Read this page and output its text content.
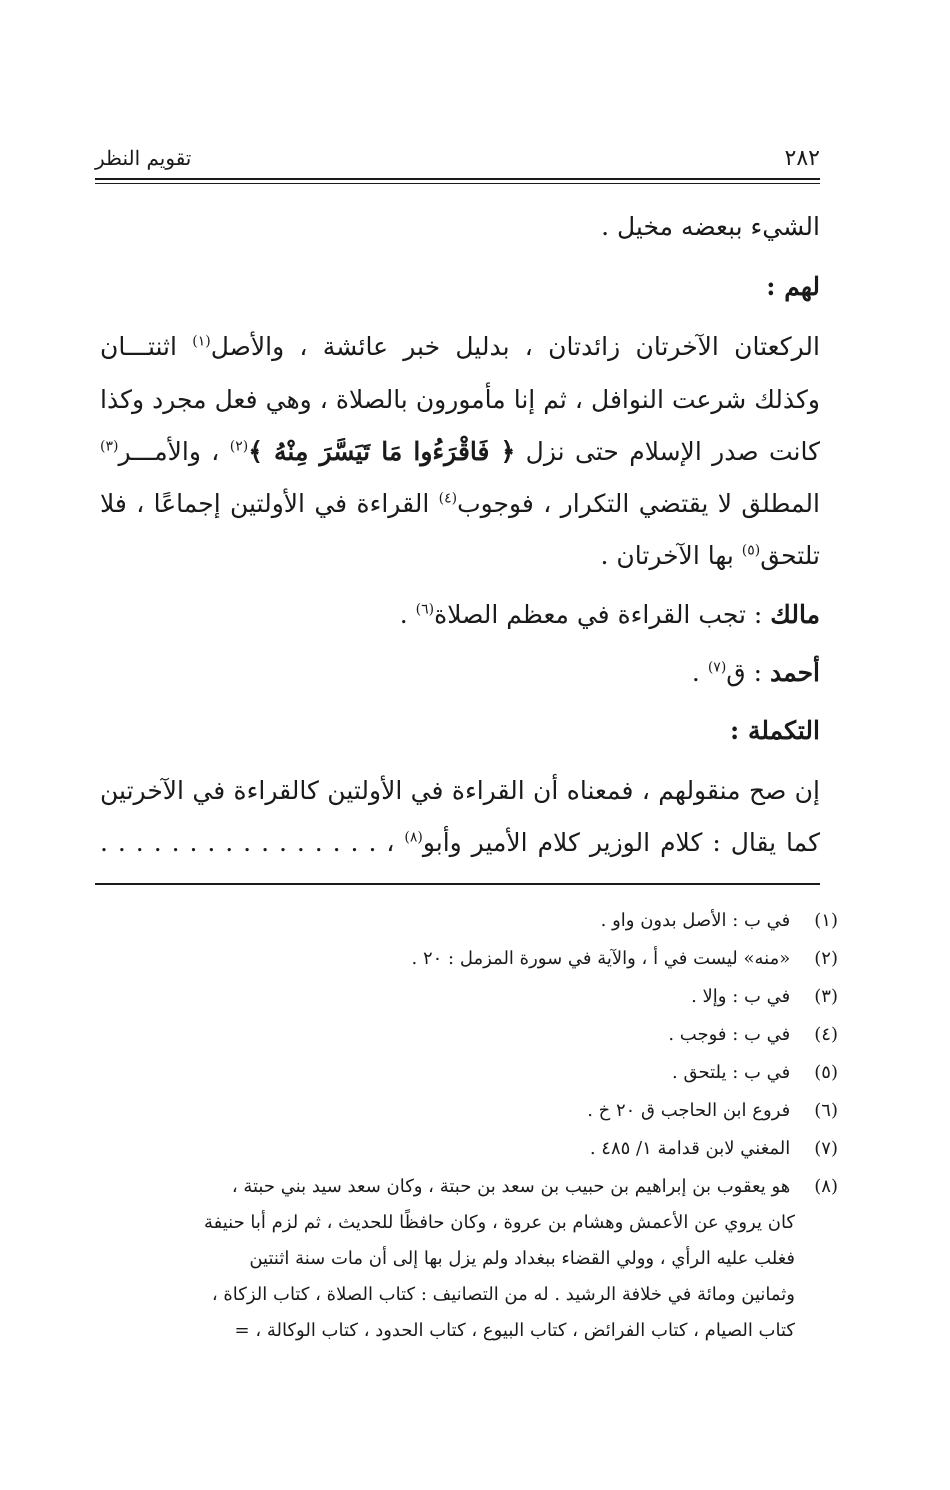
٢٨٢
تقويم النظر
الشيء ببعضه مخيل .
لهم :
الركعتان الآخرتان زائدتان ، بدليل خبر عائشة ، والأصل$^{(١)}$ اثنتـــان
وكذلك شرعت النوافل ، ثم إنا مأمورون بالصلاة ، وهي فعل مجرد وكذا
كانت صدر الإسلام حتى نزل ﴿ فَاقْرَءُوا مَا تَيَسَّرَ مِنْهُ ﴾$^{(٢)}$ ، والأمـــر$^{(٣)}$
المطلق لا يقتضي التكرار ، فوجوب$^{(٤)}$ القراءة في الأولتين إجماعًا ، فلا
تلتحق$^{(٥)}$ بها الآخرتان .
مالك : تجب القراءة في معظم الصلاة$^{(٦)}$ .
أحمد : ق$^{(٧)}$ .
التكملة :
إن صح منقولهم ، فمعناه أن القراءة في الأولتين كالقراءة في الآخرتين
كما يقال : كلام الوزير كلام الأمير وأبو$^{(٨)}$ ، . . . . . . . . . . . . . . . .
(١) في ب : الأصل بدون واو .
(٢) «منه» ليست في أ ، والآية في سورة المزمل : ٢٠ .
(٣) في ب : وإلا .
(٤) في ب : فوجب .
(٥) في ب : يلتحق .
(٦) فروع ابن الحاجب ق ٢٠ خ .
(٧) المغني لابن قدامة ١/ ٤٨٥ .
(٨) هو يعقوب بن إبراهيم بن حبيب بن سعد بن حبتة ، وكان سعد سيد بني حبتة ،
كان يروي عن الأعمش وهشام بن عروة ، وكان حافظًا للحديث ، ثم لزم أبا حنيفة
فغلب عليه الرأي ، وولي القضاء ببغداد ولم يزل بها إلى أن مات سنة اثنتين
وثمانين ومائة في خلافة الرشيد . له من التصانيف : كتاب الصلاة ، كتاب الزكاة ،
كتاب الصيام ، كتاب الفرائض ، كتاب البيوع ، كتاب الحدود ، كتاب الوكالة ، =
